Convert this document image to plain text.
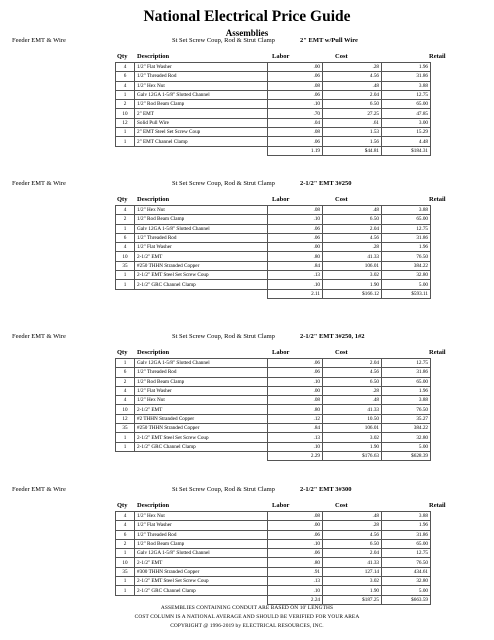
National Electrical Price Guide
Assemblies
Feeder EMT & Wire	St Set Screw Coup, Rod & Strut Clamp	2" EMT w/Pull Wire
Qty Description	Labor	Cost	Retail
4	1/2" Flat Washer	.00	.28	1.96
6	1/2" Threaded Rod	.06	4.56	31.86
4	1/2" Hex Nut	.08	.48	3.88
1	Galv 12GA 1-5/8" Slotted Channel	.06	2.04	12.75
2	1/2" Rod Beam Clamp	.10	6.50	65.00
10	2" EMT	.70	27.25	47.85
12	Solid Pull Wire	.04	.61	3.00
1	2" EMT Steel Set Screw Coup	.08	1.53	15.29
1	2" EMT Channel Clamp	.06	1.56	4.48
		1.19	$44.81	$184.31
Feeder EMT & Wire	St Set Screw Coup, Rod & Strut Clamp	2-1/2" EMT 3#250
Qty Description	Labor	Cost	Retail
4	1/2" Hex Nut	.08	.48	3.88
2	1/2" Rod Beam Clamp	.10	6.50	65.00
1	Galv 12GA 1-5/8" Slotted Channel	.06	2.04	12.75
6	1/2" Threaded Rod	.06	4.56	31.86
4	1/2" Flat Washer	.00	.28	1.96
10	2-1/2" EMT	.80	41.33	76.50
35	#250 THHN Stranded Copper	.84	106.01	384.22
1	2-1/2" EMT Steel Set Screw Coup	.13	3.02	32.80
1	2-1/2" GRC Channel Clamp	.10	1.90	5.00
		2.11	$166.12	$593.11
Feeder EMT & Wire	St Set Screw Coup, Rod & Strut Clamp	2-1/2" EMT 3#250, 1#2
Qty Description	Labor	Cost	Retail
1	Galv 12GA 1-5/8" Slotted Channel	.06	2.04	12.75
6	1/2" Threaded Rod	.06	4.56	31.86
2	1/2" Rod Beam Clamp	.10	6.50	65.00
4	1/2" Flat Washer	.00	.28	1.96
4	1/2" Hex Nut	.08	.48	3.88
10	2-1/2" EMT	.80	41.33	76.50
12	#2 THHN Stranded Copper	.12	10.50	35.27
35	#250 THHN Stranded Copper	.84	106.01	384.22
1	2-1/2" EMT Steel Set Screw Coup	.13	3.02	32.80
1	2-1/2" GRC Channel Clamp	.10	1.90	5.00
		2.29	$176.63	$628.39
Feeder EMT & Wire	St Set Screw Coup, Rod & Strut Clamp	2-1/2" EMT 3#300
Qty Description	Labor	Cost	Retail
4	1/2" Hex Nut	.08	.48	3.88
4	1/2" Flat Washer	.00	.28	1.96
6	1/2" Threaded Rod	.06	4.56	31.86
2	1/2" Rod Beam Clamp	.10	6.50	65.00
1	Galv 12GA 1-5/8" Slotted Channel	.06	2.04	12.75
10	2-1/2" EMT	.80	41.33	76.50
35	#300 THHN Stranded Copper	.91	127.14	434.61
1	2-1/2" EMT Steel Set Screw Coup	.13	3.02	32.80
1	2-1/2" GRC Channel Clamp	.10	1.90	5.00
		2.24	$187.25	$663.59
ASSEMBLIES CONTAINING CONDUIT ARE BASED ON 10' LENGTHS
COST COLUMN IS A NATIONAL AVERAGE AND SHOULD BE VERIFIED FOR YOUR AREA
COPYRIGHT @ 1996-2019 by ELECTRICAL RESOURCES, INC.
